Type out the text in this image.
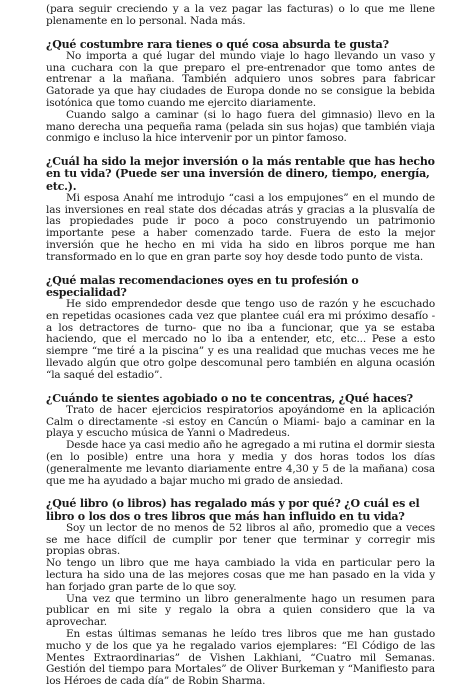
(para seguir creciendo y a la vez pagar las facturas) o lo que me llene plenamente en lo personal. Nada más.

¿Qué costumbre rara tienes o qué cosa absurda te gusta?

No importa a qué lugar del mundo viaje lo hago llevando un vaso y una cuchara con la que preparo el pre-entrenador que tomo antes de entrenar a la mañana. También adquiero unos sobres para fabricar Gatorade ya que hay ciudades de Europa donde no se consigue la bebida isotónica que tomo cuando me ejercito diariamente.

Cuando salgo a caminar (si lo hago fuera del gimnasio) llevo en la mano derecha una pequeña rama (pelada sin sus hojas) que también viaja conmigo e incluso la hice intervenir por un pintor famoso.

¿Cuál ha sido la mejor inversión o la más rentable que has hecho en tu vida? (Puede ser una inversión de dinero, tiempo, energía, etc.).

Mi esposa Anahí me introdujo “casi a los empujones” en el mundo de las inversiones en real state dos décadas atrás y gracias a la plusvalía de las propiedades pude ir poco a poco construyendo un patrimonio importante pese a haber comenzado tarde. Fuera de esto la mejor inversión que he hecho en mi vida ha sido en libros porque me han transformado en lo que en gran parte soy hoy desde todo punto de vista.

¿Qué malas recomendaciones oyes en tu profesión o especialidad?

He sido emprendedor desde que tengo uso de razón y he escuchado en repetidas ocasiones cada vez que plantee cuál era mi próximo desafío -a los detractores de turno- que no iba a funcionar, que ya se estaba haciendo, que el mercado no lo iba a entender, etc, etc... Pese a esto siempre “me tiré a la piscina” y es una realidad que muchas veces me he llevado algún que otro golpe descomunal pero también en alguna ocasión “la saqué del estadio”.

¿Cuándo te sientes agobiado o no te concentras, ¿Qué haces?

Trato de hacer ejercicios respiratorios apoyándome en la aplicación Calm o directamente -si estoy en Cancún o Miami- bajo a caminar en la playa y escucho música de Yanni o Madredeus.

Desde hace ya casi medio año he agregado a mi rutina el dormir siesta (en lo posible) entre una hora y media y dos horas todos los días (generalmente me levanto diariamente entre 4,30 y 5 de la mañana) cosa que me ha ayudado a bajar mucho mi grado de ansiedad.

¿Qué libro (o libros) has regalado más y por qué? ¿O cuál es el libro o los dos o tres libros que más han influido en tu vida?

Soy un lector de no menos de 52 libros al año, promedio que a veces se me hace difícil de cumplir por tener que terminar y corregir mis propias obras.

No tengo un libro que me haya cambiado la vida en particular pero la lectura ha sido una de las mejores cosas que me han pasado en la vida y han forjado gran parte de lo que soy.

Una vez que termino un libro generalmente hago un resumen para publicar en mi site y regalo la obra a quien considero que la va aprovechar.

En estas últimas semanas he leído tres libros que me han gustado mucho y de los que ya he regalado varios ejemplares: “El Código de las Mentes Extraordinarias” de Vishen Lakhiani, “Cuatro mil Semanas. Gestión del tiempo para Mortales” de Oliver Burkeman y “Manifiesto para los Héroes de cada día” de Robin Sharma.
